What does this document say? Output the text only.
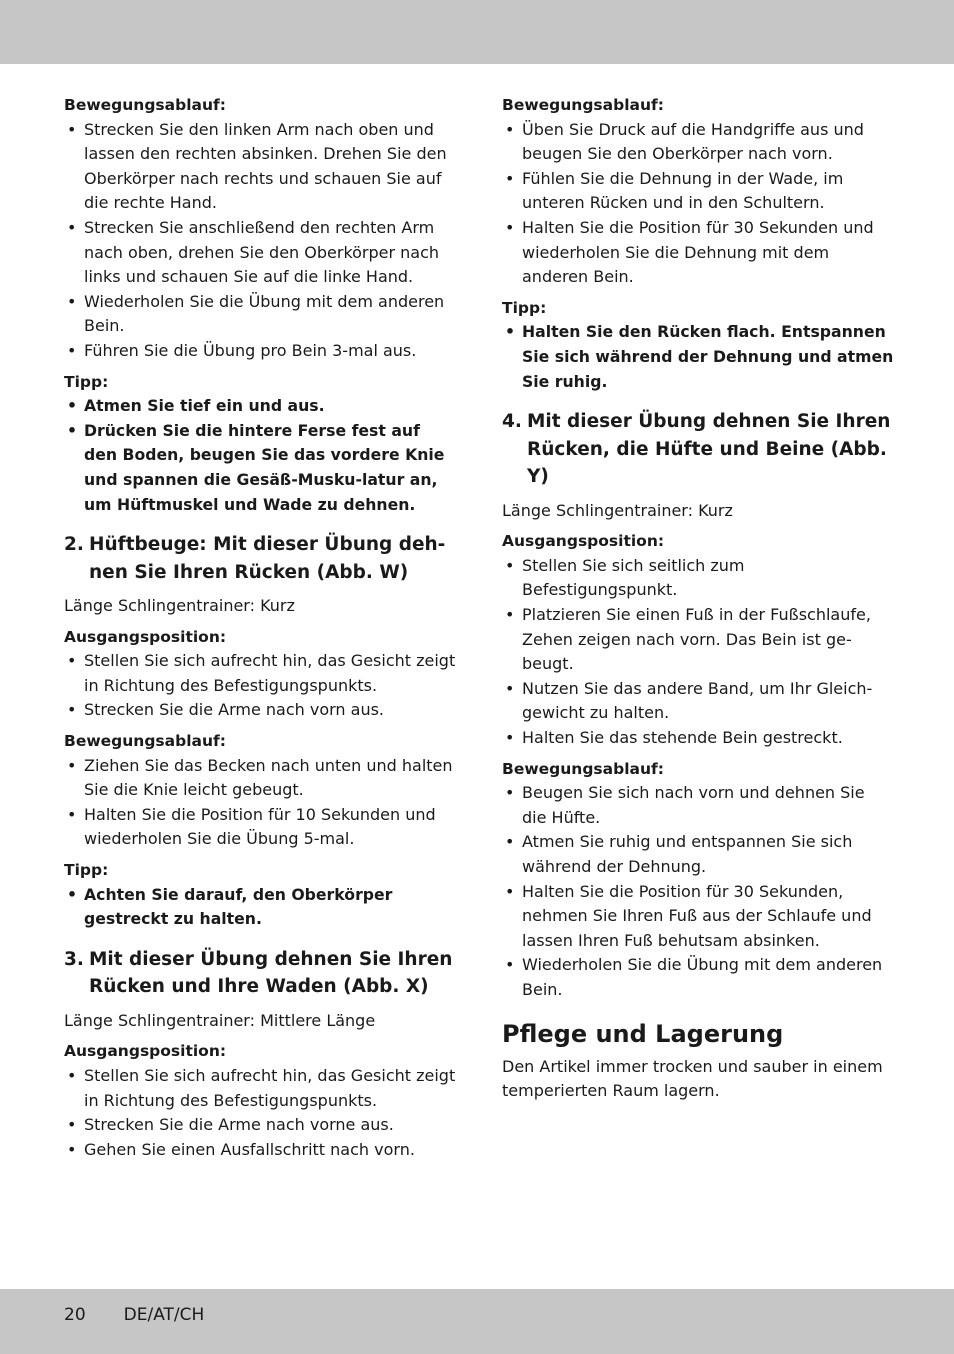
Bewegungsablauf:

• Strecken Sie den linken Arm nach oben und lassen den rechten absinken. Drehen Sie den Oberkörper nach rechts und schauen Sie auf die rechte Hand.
• Strecken Sie anschließend den rechten Arm nach oben, drehen Sie den Oberkörper nach links und schauen Sie auf die linke Hand.
• Wiederholen Sie die Übung mit dem anderen Bein.
• Führen Sie die Übung pro Bein 3-mal aus.

Tipp:

• Atmen Sie tief ein und aus.
• Drücken Sie die hintere Ferse fest auf den Boden, beugen Sie das vordere Knie und spannen die Gesäß-Musku-latur an, um Hüftmuskel und Wade zu dehnen.
2. Hüftbeuge: Mit dieser Übung deh-nen Sie Ihren Rücken (Abb. W)

Länge Schlingentrainer: Kurz

Ausgangsposition:

• Stellen Sie sich aufrecht hin, das Gesicht zeigt in Richtung des Befestigungspunkts.
• Strecken Sie die Arme nach vorn aus.

Bewegungsablauf:

• Ziehen Sie das Becken nach unten und halten Sie die Knie leicht gebeugt.
• Halten Sie die Position für 10 Sekunden und wiederholen Sie die Übung 5-mal.

Tipp:

• Achten Sie darauf, den Oberkörper gestreckt zu halten.
3. Mit dieser Übung dehnen Sie Ihren Rücken und Ihre Waden (Abb. X)

Länge Schlingentrainer: Mittlere Länge

Ausgangsposition:

• Stellen Sie sich aufrecht hin, das Gesicht zeigt in Richtung des Befestigungspunkts.
• Strecken Sie die Arme nach vorne aus.
• Gehen Sie einen Ausfallschritt nach vorn.

Bewegungsablauf:

• Üben Sie Druck auf die Handgriffe aus und beugen Sie den Oberkörper nach vorn.
• Fühlen Sie die Dehnung in der Wade, im unteren Rücken und in den Schultern.
• Halten Sie die Position für 30 Sekunden und wiederholen Sie die Dehnung mit dem anderen Bein.

Tipp:

• Halten Sie den Rücken flach. Entspannen Sie sich während der Dehnung und atmen Sie ruhig.
4. Mit dieser Übung dehnen Sie Ihren Rücken, die Hüfte und Beine (Abb. Y)

Länge Schlingentrainer: Kurz

Ausgangsposition:

• Stellen Sie sich seitlich zum Befestigungspunkt.
• Platzieren Sie einen Fuß in der Fußschlaufe, Zehen zeigen nach vorn. Das Bein ist ge-beugt.
• Nutzen Sie das andere Band, um Ihr Gleich-gewicht zu halten.
• Halten Sie das stehende Bein gestreckt.

Bewegungsablauf:

• Beugen Sie sich nach vorn und dehnen Sie die Hüfte.
• Atmen Sie ruhig und entspannen Sie sich während der Dehnung.
• Halten Sie die Position für 30 Sekunden, nehmen Sie Ihren Fuß aus der Schlaufe und lassen Ihren Fuß behutsam absinken.
• Wiederholen Sie die Übung mit dem anderen Bein.
Pflege und Lagerung

Den Artikel immer trocken und sauber in einem temperierten Raum lagern.

20 DE/AT/CH
